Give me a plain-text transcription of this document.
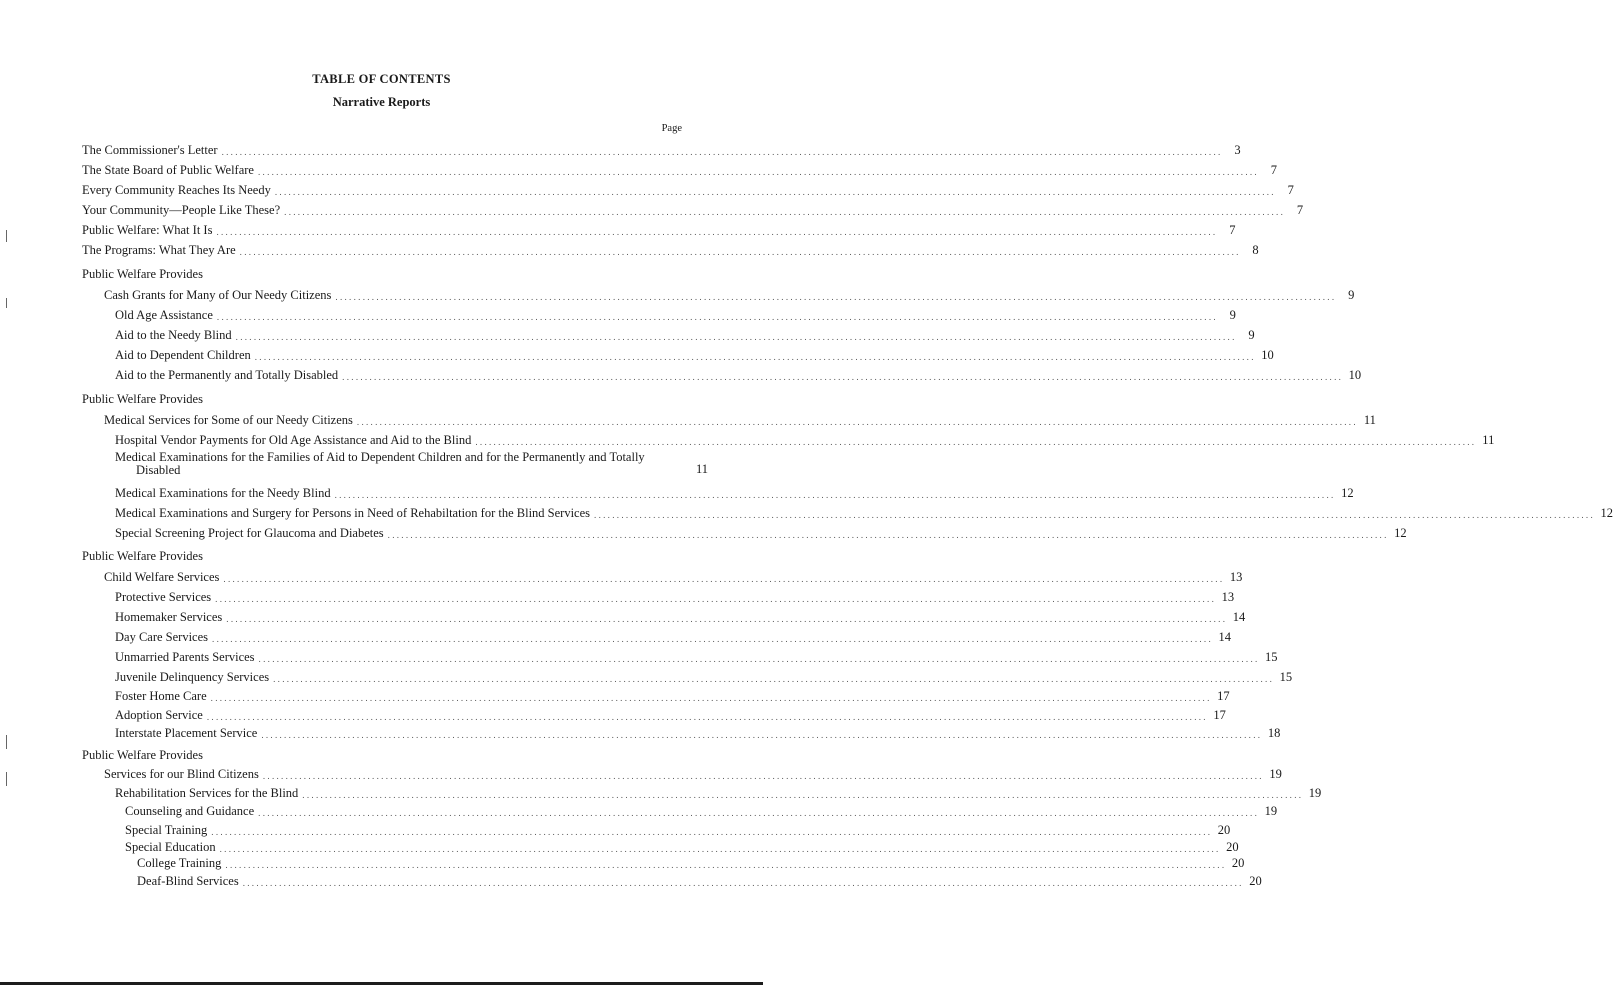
TABLE OF CONTENTS
Narrative Reports
Page
The Commissioner's Letter ............................................................................................................................................................................................................................ 3
The State Board of Public Welfare ............................................................................................................................................................................................................................ 7
Every Community Reaches Its Needy ............................................................................................................................................................................................................................ 7
Your Community—People Like These? ............................................................................................................................................................................................................................ 7
Public Welfare: What It Is ............................................................................................................................................................................................................................ 7
The Programs: What They Are ............................................................................................................................................................................................................................ 8
Public Welfare Provides
Cash Grants for Many of Our Needy Citizens ............................................................................................................................................................................................................................ 9
Old Age Assistance ............................................................................................................................................................................................................................ 9
Aid to the Needy Blind ............................................................................................................................................................................................................................ 9
Aid to Dependent Children ............................................................................................................................................................................................................................ 10
Aid to the Permanently and Totally Disabled ............................................................................................................................................................................................................................ 10
Public Welfare Provides
Medical Services for Some of our Needy Citizens ............................................................................................................................................................................................................................ 11
Hospital Vendor Payments for Old Age Assistance and Aid to the Blind ............................................................................................................................................................................................................................ 11
Medical Examinations for the Families of Aid to Dependent Children and for the Permanently and Totally Disabled	11
Medical Examinations for the Needy Blind ............................................................................................................................................................................................................................ 12
Medical Examinations and Surgery for Persons in Need of Rehabiltation for the Blind Services ............................................................................................................................................................................................................................ 12
Special Screening Project for Glaucoma and Diabetes ............................................................................................................................................................................................................................ 12
Public Welfare Provides
Child Welfare Services ............................................................................................................................................................................................................................ 13
Protective Services ............................................................................................................................................................................................................................ 13
Homemaker Services ............................................................................................................................................................................................................................ 14
Day Care Services ............................................................................................................................................................................................................................ 14
Unmarried Parents Services ............................................................................................................................................................................................................................ 15
Juvenile Delinquency Services ............................................................................................................................................................................................................................ 15
Foster Home Care ............................................................................................................................................................................................................................ 17
Adoption Service ............................................................................................................................................................................................................................ 17
Interstate Placement Service ............................................................................................................................................................................................................................ 18
Public Welfare Provides
Services for our Blind Citizens ............................................................................................................................................................................................................................ 19
Rehabilitation Services for the Blind ............................................................................................................................................................................................................................ 19
Counseling and Guidance ............................................................................................................................................................................................................................ 19
Special Training ............................................................................................................................................................................................................................ 20
Special Education ............................................................................................................................................................................................................................ 20
College Training ............................................................................................................................................................................................................................ 20
Deaf-Blind Services ............................................................................................................................................................................................................................ 20
